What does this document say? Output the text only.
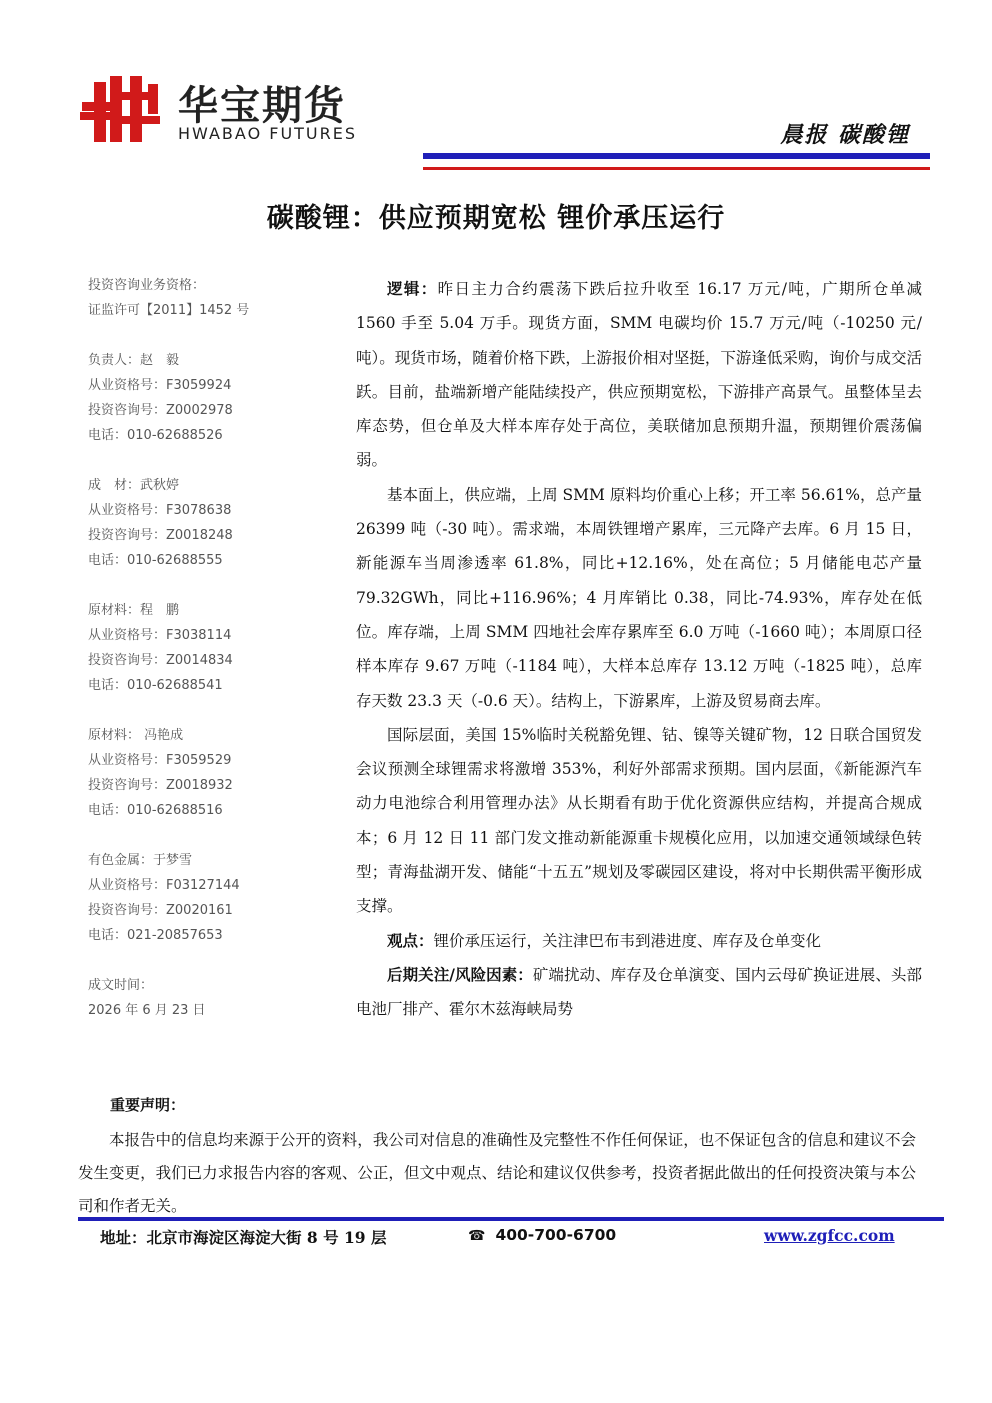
华宝期货
HWABAO FUTURES	晨报 碳酸锂
碳酸锂：供应预期宽松 锂价承压运行
投资咨询业务资格：
证监许可【2011】1452 号
负责人：赵　毅
从业资格号：F3059924
投资咨询号：Z0002978
电话：010-62688526
成　材：武秋婷
从业资格号：F3078638
投资咨询号：Z0018248
电话：010-62688555
原材料：程　鹏
从业资格号：F3038114
投资咨询号：Z0014834
电话：010-62688541
原材料： 冯艳成
从业资格号：F3059529
投资咨询号：Z0018932
电话：010-62688516
有色金属：于梦雪
从业资格号：F03127144
投资咨询号：Z0020161
电话：021-20857653
成文时间：
2026 年 6 月 23 日

逻辑：昨日主力合约震荡下跌后拉升收至 16.17 万元/吨，广期所仓单减 1560 手至 5.04 万手。现货方面，SMM 电碳均价 15.7 万元/吨（-10250 元/吨）。现货市场，随着价格下跌，上游报价相对坚挺，下游逢低采购，询价与成交活跃。目前，盐端新增产能陆续投产，供应预期宽松，下游排产高景气。虽整体呈去库态势，但仓单及大样本库存处于高位，美联储加息预期升温，预期锂价震荡偏弱。

基本面上，供应端，上周 SMM 原料均价重心上移；开工率 56.61%，总产量 26399 吨（-30 吨）。需求端，本周铁锂增产累库，三元降产去库。6 月 15 日，新能源车当周渗透率 61.8%，同比+12.16%，处在高位；5 月储能电芯产量 79.32GWh，同比+116.96%；4 月库销比 0.38，同比-74.93%，库存处在低位。库存端，上周 SMM 四地社会库存累库至 6.0 万吨（-1660 吨）；本周原口径样本库存 9.67 万吨（-1184 吨），大样本总库存 13.12 万吨（-1825 吨），总库存天数 23.3 天（-0.6 天）。结构上，下游累库，上游及贸易商去库。

国际层面，美国 15%临时关税豁免锂、钴、镍等关键矿物，12 日联合国贸发会议预测全球锂需求将激增 353%，利好外部需求预期。国内层面，《新能源汽车动力电池综合利用管理办法》从长期看有助于优化资源供应结构，并提高合规成本；6 月 12 日 11 部门发文推动新能源重卡规模化应用，以加速交通领域绿色转型；青海盐湖开发、储能“十五五”规划及零碳园区建设，将对中长期供需平衡形成支撑。

观点：锂价承压运行，关注津巴布韦到港进度、库存及仓单变化

后期关注/风险因素：矿端扰动、库存及仓单演变、国内云母矿换证进展、头部电池厂排产、霍尔木兹海峡局势

重要声明：

本报告中的信息均来源于公开的资料，我公司对信息的准确性及完整性不作任何保证，也不保证包含的信息和建议不会发生变更，我们已力求报告内容的客观、公正，但文中观点、结论和建议仅供参考，投资者据此做出的任何投资决策与本公司和作者无关。

地址：北京市海淀区海淀大街 8 号 19 层	☎ 400-700-6700	www.zgfcc.com
